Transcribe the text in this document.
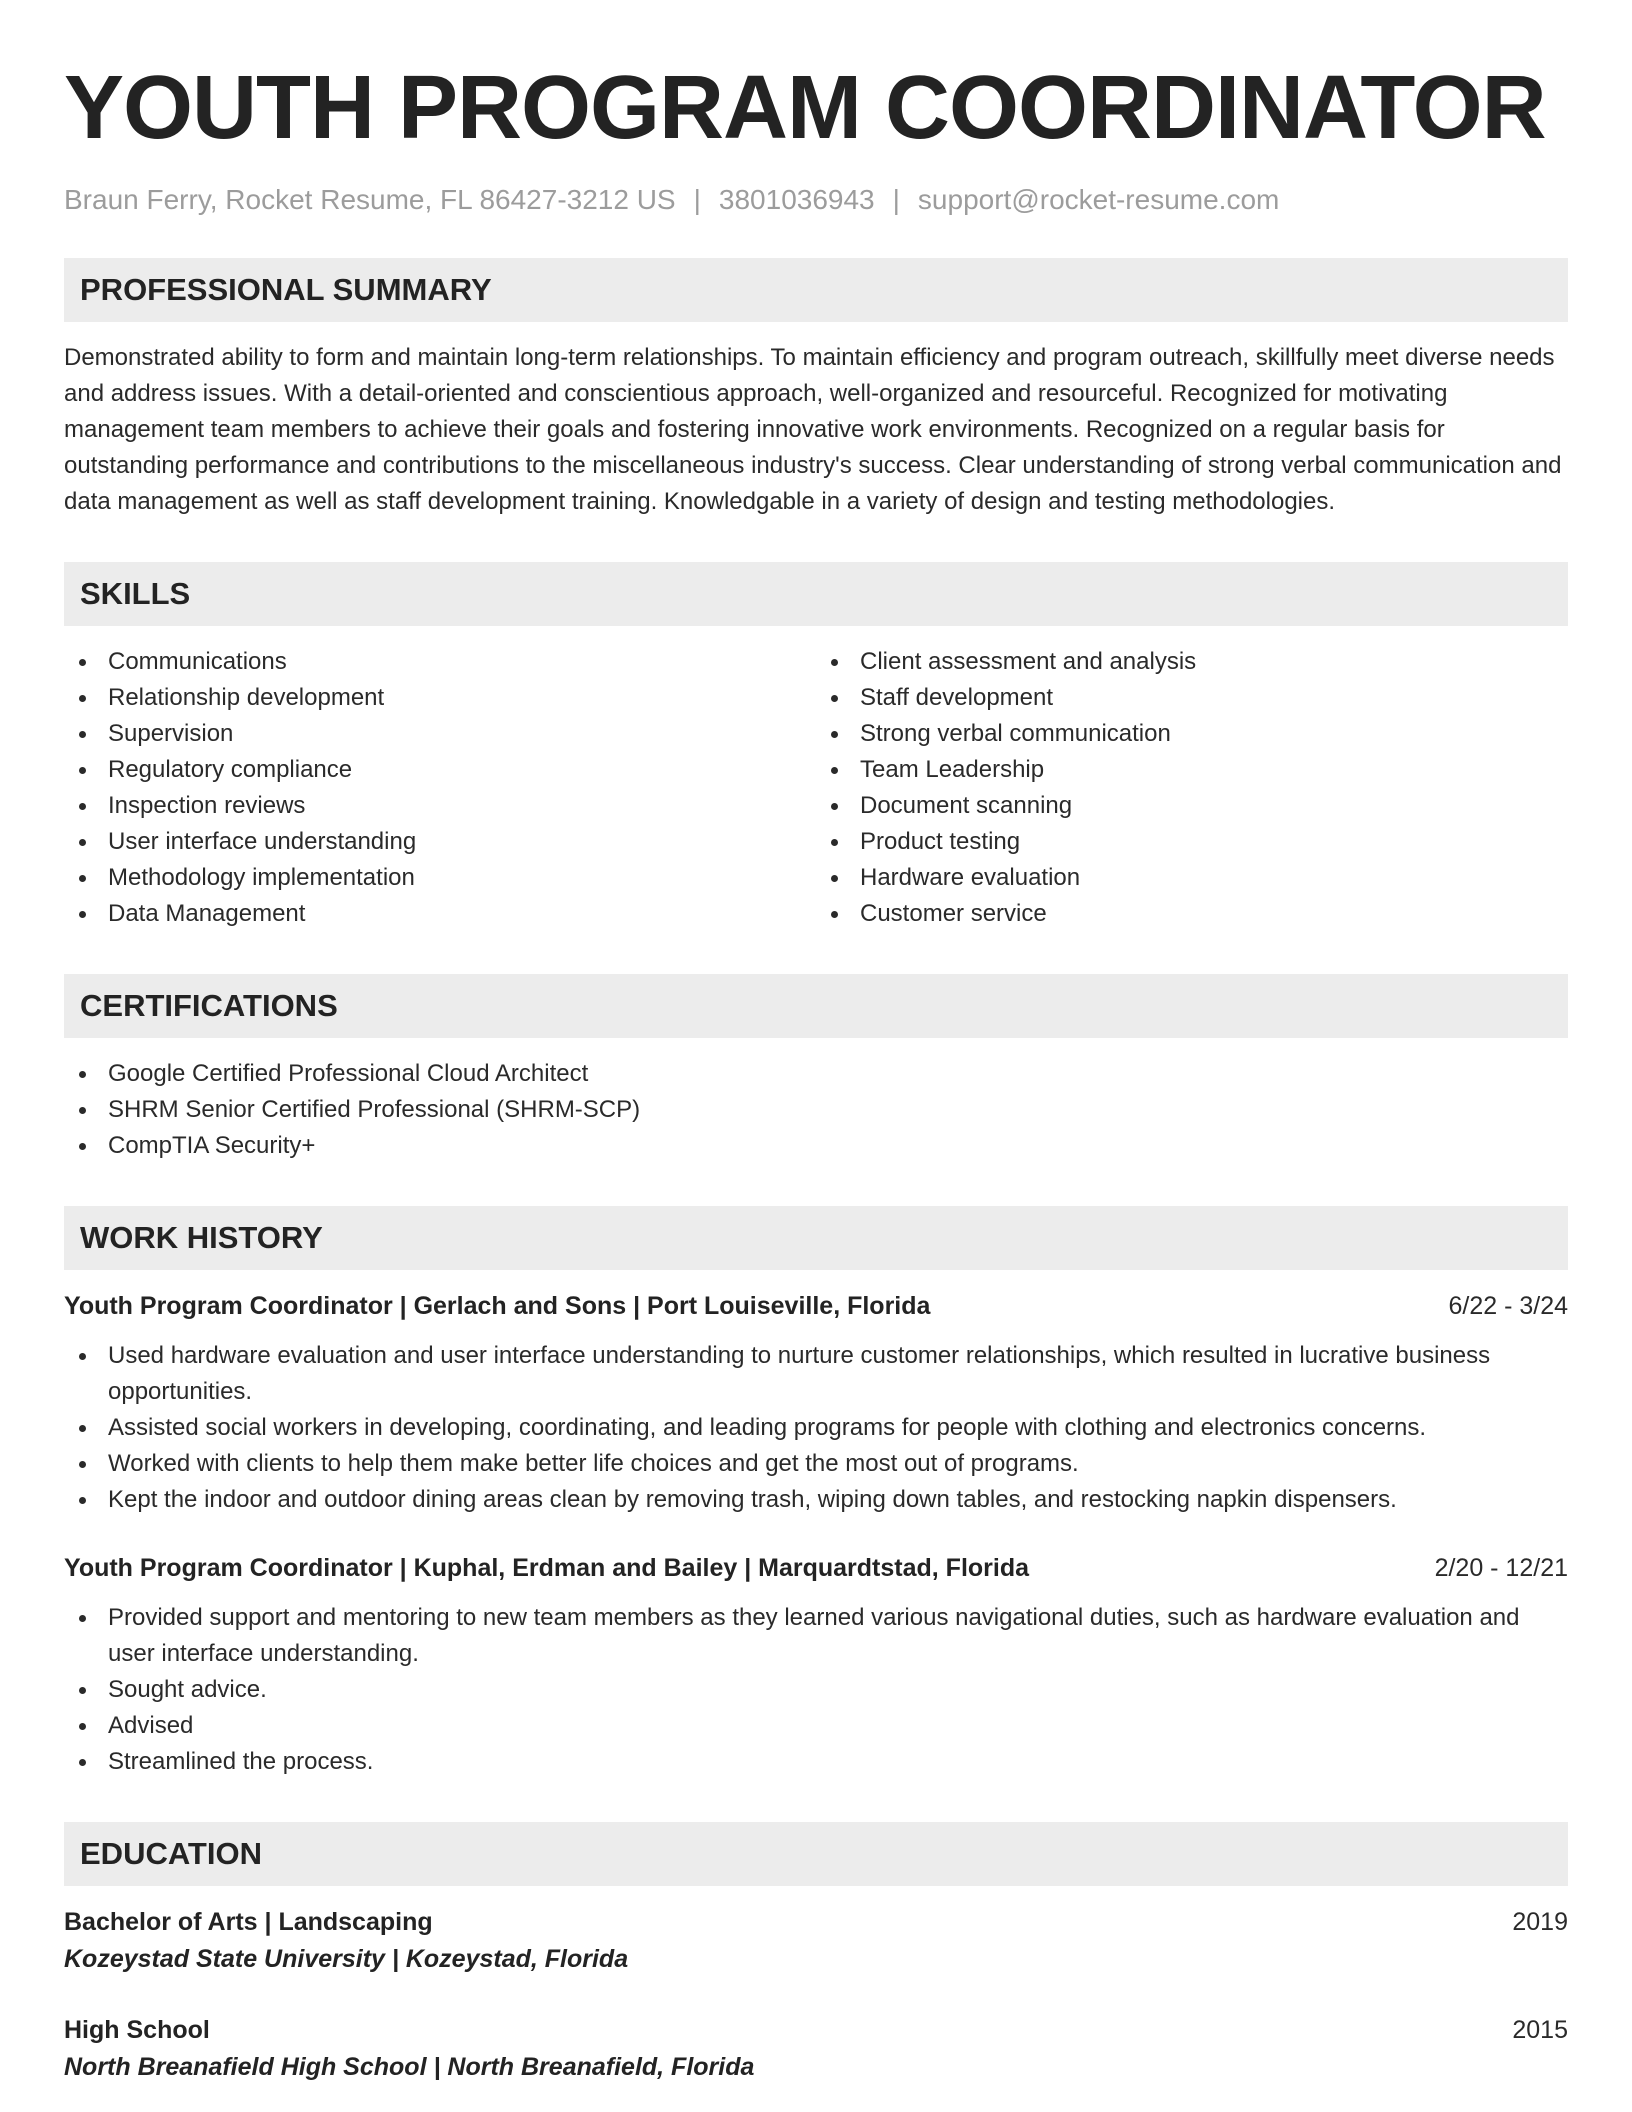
YOUTH PROGRAM COORDINATOR
Braun Ferry, Rocket Resume, FL 86427-3212 US | 3801036943 | support@rocket-resume.com
PROFESSIONAL SUMMARY

Demonstrated ability to form and maintain long-term relationships. To maintain efficiency and program outreach, skillfully meet diverse needs and address issues. With a detail-oriented and conscientious approach, well-organized and resourceful. Recognized for motivating management team members to achieve their goals and fostering innovative work environments. Recognized on a regular basis for outstanding performance and contributions to the miscellaneous industry's success. Clear understanding of strong verbal communication and data management as well as staff development training. Knowledgable in a variety of design and testing methodologies.

SKILLS
Communications
Relationship development
Supervision
Regulatory compliance
Inspection reviews
User interface understanding
Methodology implementation
Data Management
Client assessment and analysis
Staff development
Strong verbal communication
Team Leadership
Document scanning
Product testing
Hardware evaluation
Customer service
CERTIFICATIONS
Google Certified Professional Cloud Architect
SHRM Senior Certified Professional (SHRM-SCP)
CompTIA Security+
WORK HISTORY
Youth Program Coordinator | Gerlach and Sons | Port Louiseville, Florida	6/22 - 3/24
Used hardware evaluation and user interface understanding to nurture customer relationships, which resulted in lucrative business opportunities.
Assisted social workers in developing, coordinating, and leading programs for people with clothing and electronics concerns.
Worked with clients to help them make better life choices and get the most out of programs.
Kept the indoor and outdoor dining areas clean by removing trash, wiping down tables, and restocking napkin dispensers.
Youth Program Coordinator | Kuphal, Erdman and Bailey | Marquardtstad, Florida	2/20 - 12/21
Provided support and mentoring to new team members as they learned various navigational duties, such as hardware evaluation and user interface understanding.
Sought advice.
Advised
Streamlined the process.
EDUCATION
Bachelor of Arts | Landscaping	2019
Kozeystad State University | Kozeystad, Florida
High School	2015
North Breanafield High School | North Breanafield, Florida
